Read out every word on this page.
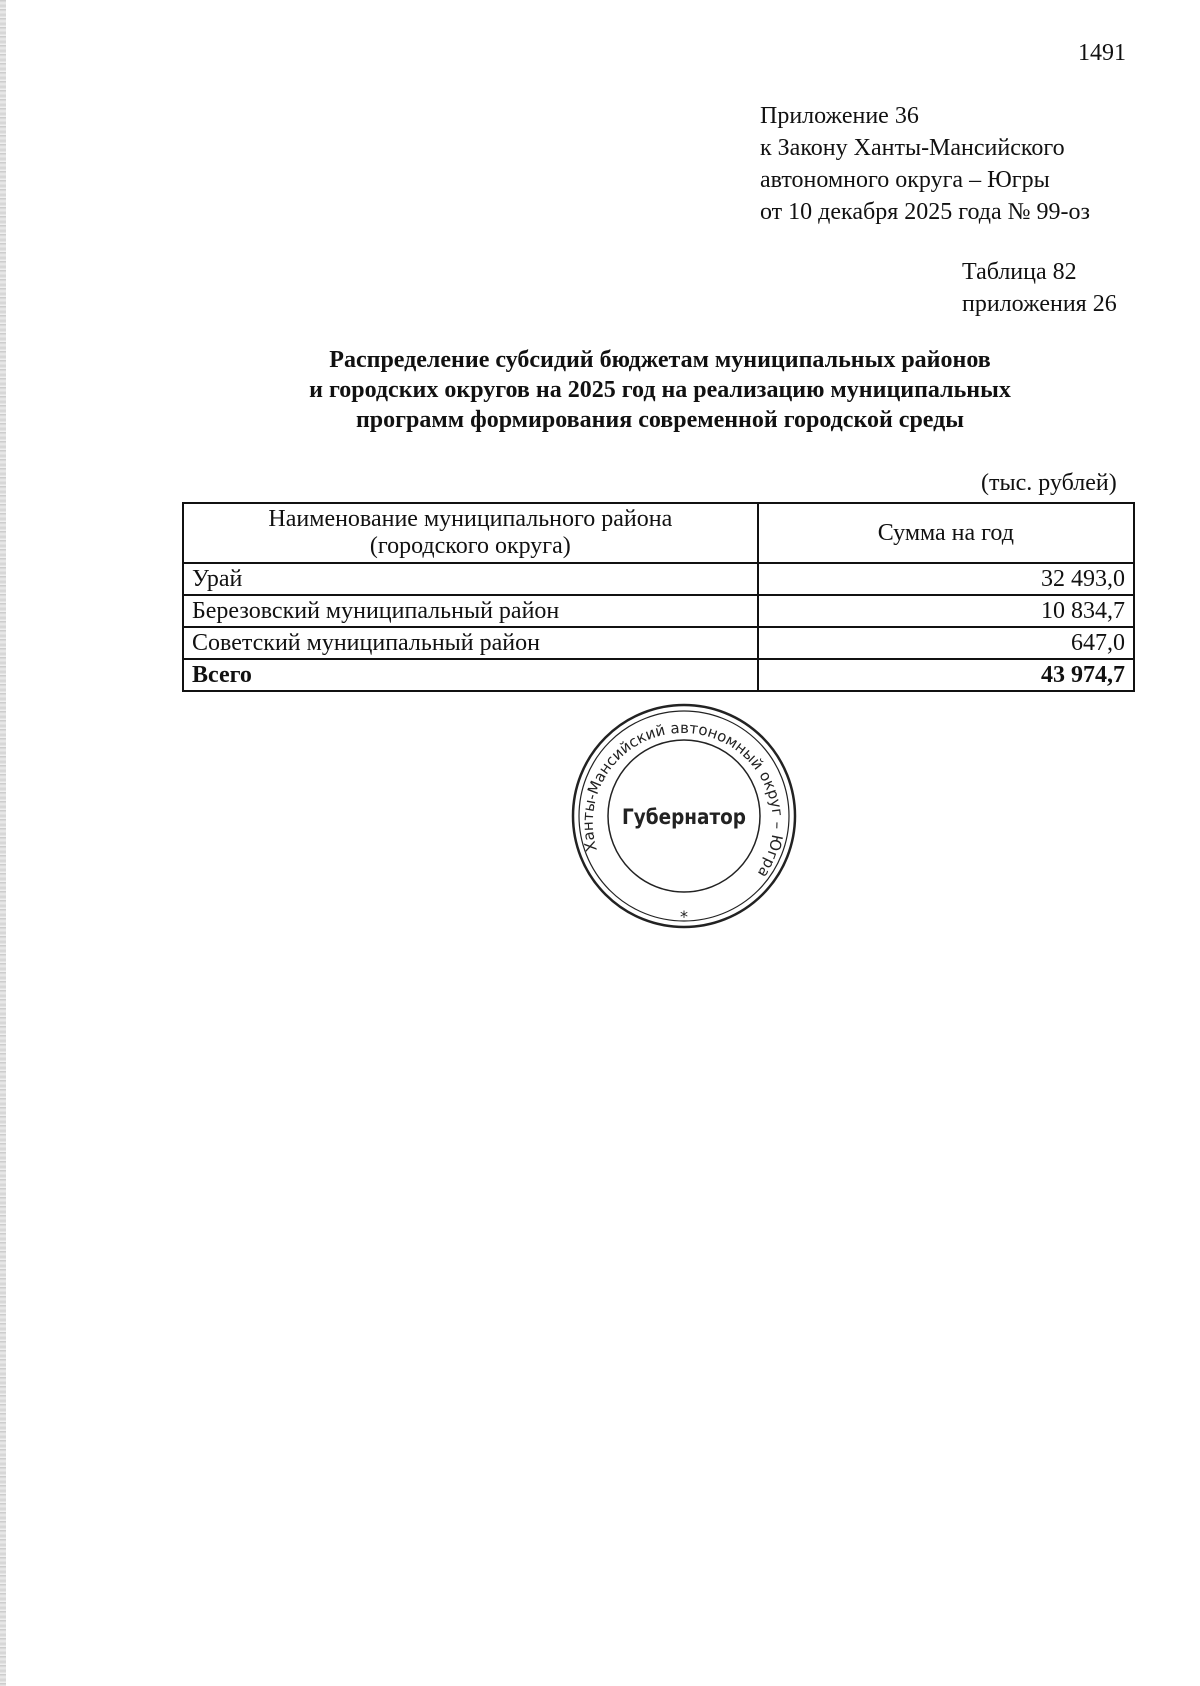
1491
Приложение 36
к Закону Ханты-Мансийского
автономного округа – Югры
от 10 декабря 2025 года № 99-оз
Таблица 82
приложения 26
Распределение субсидий бюджетам муниципальных районов
и городских округов на 2025 год на реализацию муниципальных
программ формирования современной городской среды
(тыс. рублей)
Наименование муниципального района
(городского округа)	Сумма на год
Урай	32 493,0
Березовский муниципальный район	10 834,7
Советский муниципальный район	647,0
Всего	43 974,7
Ханты-Мансийский автономный округ – Югра
Губернатор
*
